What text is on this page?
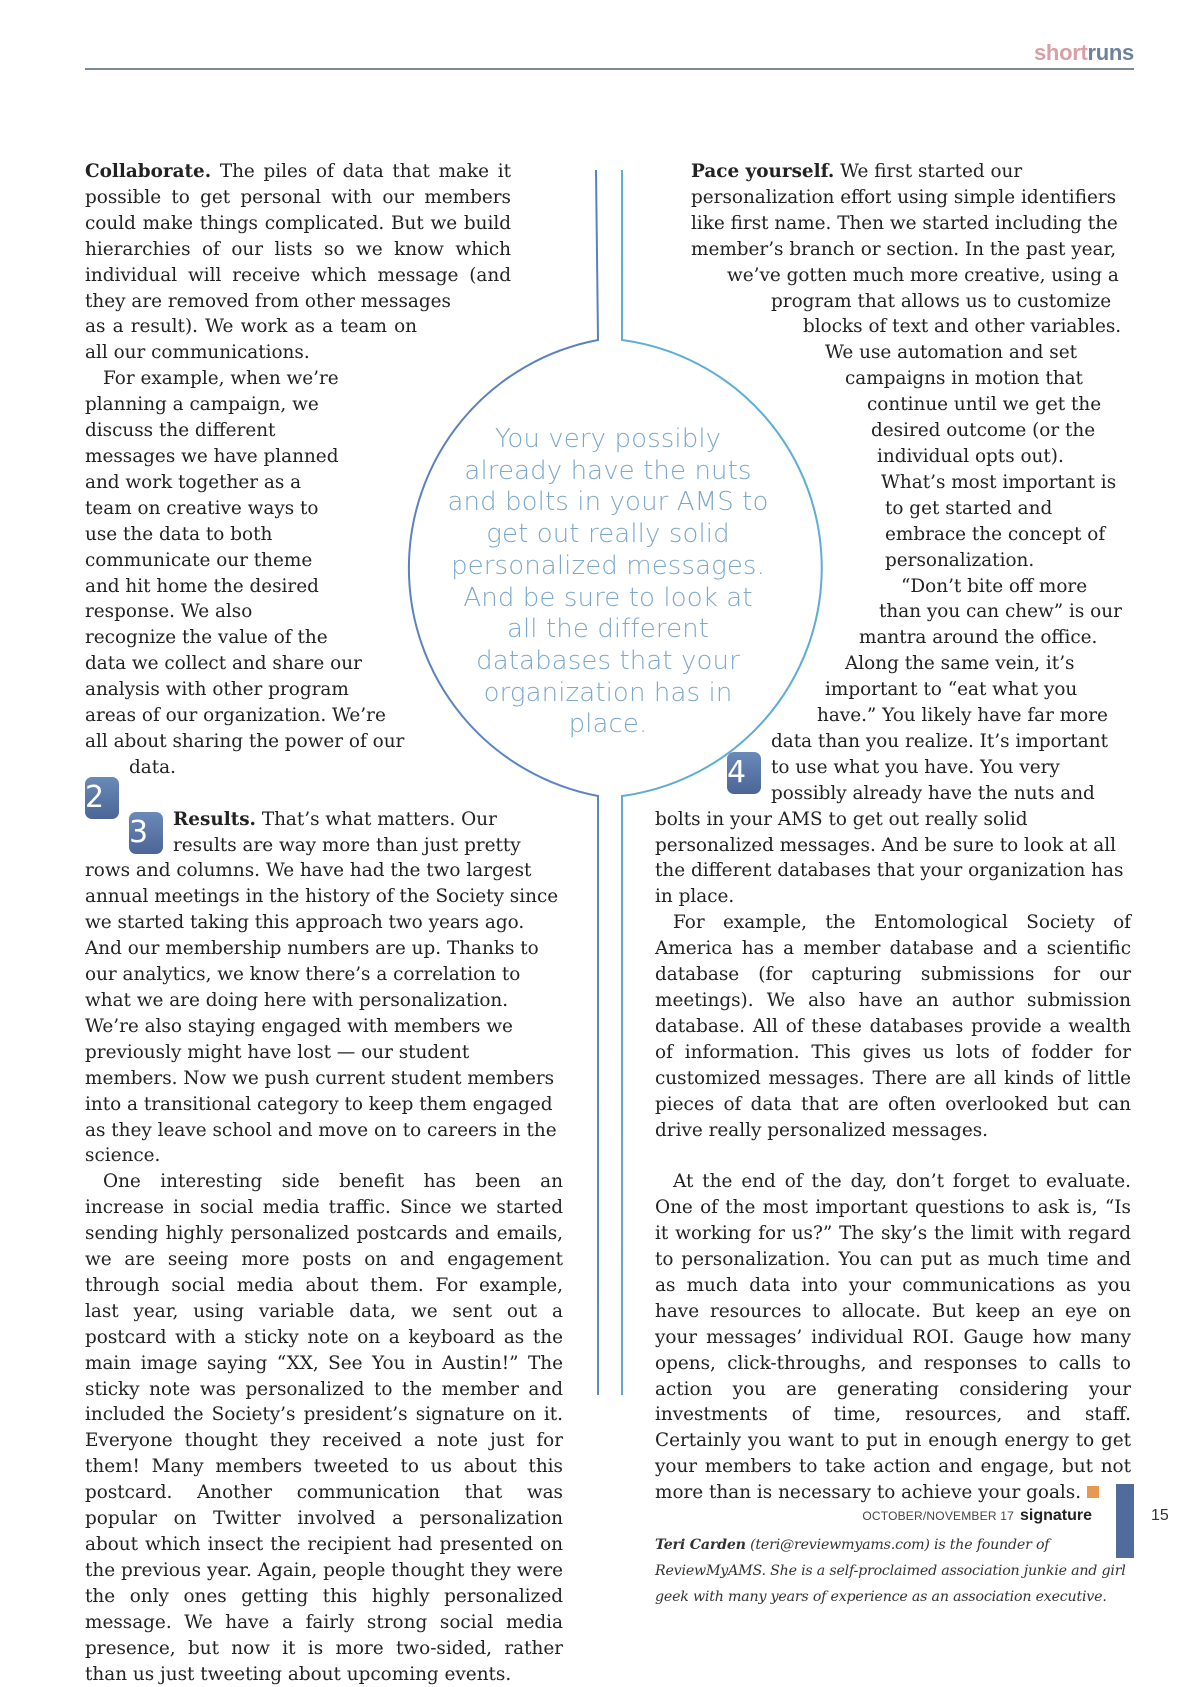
shortruns

2
Collaborate. The piles of data that make it possible to get personal with our members could make things complicated. But we build hierarchies of our lists so we know which individual will receive which message (and they are removed from other messages as a result). We work as a team on all our communications.

For example, when we’re planning a campaign, we discuss the different messages we have planned and work together as a team on creative ways to use the data to both communicate our theme and hit home the desired response. We also recognize the value of the data we collect and share our analysis with other program areas of our organization. We’re all about sharing the power of our data.

3	Results. That’s what matters. Our results are way more than just pretty rows and columns. We have had the two largest annual meetings in the history of the Society since we started taking this approach two years ago. And our membership numbers are up. Thanks to our analytics, we know there’s a correlation to what we are doing here with personalization. We’re also staying engaged with members we previously might have lost — our student members. Now we push current student members into a transitional category to keep them engaged as they leave school and move on to careers in the science.

One interesting side benefit has been an increase in social media traffic. Since we started sending highly personalized postcards and emails, we are seeing more posts on and engagement through social media about them. For example, last year, using variable data, we sent out a postcard with a sticky note on a keyboard as the main image saying “XX, See You in Austin!” The sticky note was personalized to the member and included the Society’s president’s signature on it. Everyone thought they received a note just for them! Many members tweeted to us about this postcard. Another communication that was popular on Twitter involved a personalization about which insect the recipient had presented on the previous year. Again, people thought they were the only ones getting this highly personalized message. We have a fairly strong social media presence, but now it is more two-sided, rather than us just tweeting about upcoming events.

4
Pace yourself. We first started our personalization effort using simple identifiers like first name. Then we started including the member’s branch or section. In the past year, we’ve gotten much more creative, using a program that allows us to customize blocks of text and other variables. We use automation and set campaigns in motion that continue until we get the desired outcome (or the individual opts out). What’s most important is to get started and embrace the concept of personalization.

“Don’t bite off more than you can chew” is our mantra around the office. Along the same vein, it’s important to “eat what you have.” You likely have far more data than you realize. It’s important to use what you have. You very possibly already have the nuts and bolts in your AMS to get out really solid personalized messages. And be sure to look at all the different databases that your organization has in place.

For example, the Entomological Society of America has a member database and a scientific database (for capturing submissions for our meetings). We also have an author submission database. All of these databases provide a wealth of information. This gives us lots of fodder for customized messages. There are all kinds of little pieces of data that are often overlooked but can drive really personalized messages.

At the end of the day, don’t forget to evaluate. One of the most important questions to ask is, “Is it working for us?” The sky’s the limit with regard to personalization. You can put as much time and as much data into your communications as you have resources to allocate. But keep an eye on your messages’ individual ROI. Gauge how many opens, click-throughs, and responses to calls to action you are generating considering your investments of time, resources, and staff. Certainly you want to put in enough energy to get your members to take action and engage, but not more than is necessary to achieve your goals.

Teri Carden (teri@reviewmyams.com) is the founder of ReviewMyAMS. She is a self-proclaimed association junkie and girl geek with many years of experience as an association executive.

You very possibly already have the nuts and bolts in your AMS to get out really solid personalized messages. And be sure to look at all the different databases that your organization has in place.
OCTOBER/NOVEMBER 17 signature	15
